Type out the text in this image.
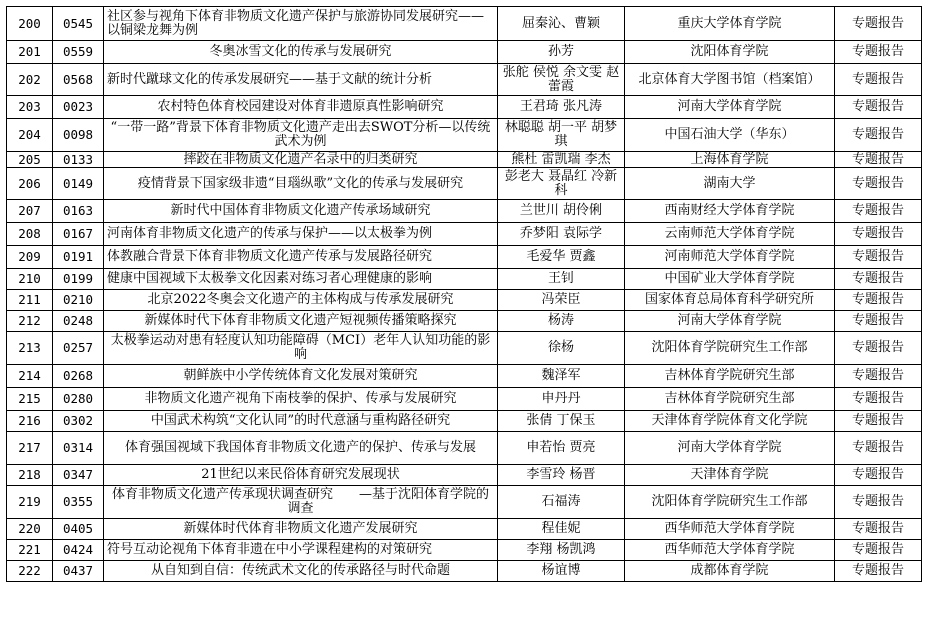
200	0545	社区参与视角下体育非物质文化遗产保护与旅游协同发展研究——以铜梁龙舞为例	屈秦沁、曹颖	重庆大学体育学院	专题报告
201	0559	冬奥冰雪文化的传承与发展研究	孙芳	沈阳体育学院	专题报告
202	0568	新时代蹴球文化的传承发展研究——基于文献的统计分析	张舵 侯悦 余文雯 赵蕾霞	北京体育大学图书馆（档案馆）	专题报告
203	0023	农村特色体育校园建设对体育非遗原真性影响研究	王君琦 张凡涛	河南大学体育学院	专题报告
204	0098	“一带一路”背景下体育非物质文化遗产走出去SWOT分析—以传统武术为例	林聪聪 胡一平 胡梦琪	中国石油大学（华东）	专题报告
205	0133	摔跤在非物质文化遗产名录中的归类研究	熊杜 雷凯瑞 李杰	上海体育学院	专题报告
206	0149	疫情背景下国家级非遗“目瑙纵歌”文化的传承与发展研究	彭老大 聂晶红 冷新科	湖南大学	专题报告
207	0163	新时代中国体育非物质文化遗产传承场域研究	兰世川 胡伶俐	西南财经大学体育学院	专题报告
208	0167	河南体育非物质文化遗产的传承与保护——以太极拳为例	乔梦阳 袁际学	云南师范大学体育学院	专题报告
209	0191	体教融合背景下体育非物质文化遗产传承与发展路径研究	毛爱华 贾鑫	河南师范大学体育学院	专题报告
210	0199	健康中国视域下太极拳文化因素对练习者心理健康的影响	王钊	中国矿业大学体育学院	专题报告
211	0210	北京2022冬奥会文化遗产的主体构成与传承发展研究	冯荣臣	国家体育总局体育科学研究所	专题报告
212	0248	新媒体时代下体育非物质文化遗产短视频传播策略探究	杨涛	河南大学体育学院	专题报告
213	0257	太极拳运动对患有轻度认知功能障碍（MCI）老年人认知功能的影响	徐杨	沈阳体育学院研究生工作部	专题报告
214	0268	朝鲜族中小学传统体育文化发展对策研究	魏泽军	吉林体育学院研究生部	专题报告
215	0280	非物质文化遗产视角下南枝拳的保护、传承与发展研究	申丹丹	吉林体育学院研究生部	专题报告
216	0302	中国武术构筑“文化认同”的时代意涵与重构路径研究	张倩 丁保玉	天津体育学院体育文化学院	专题报告
217	0314	体育强国视域下我国体育非物质文化遗产的保护、传承与发展	申若怡 贾亮	河南大学体育学院	专题报告
218	0347	21世纪以来民俗体育研究发展现状	李雪玲 杨晋	天津体育学院	专题报告
219	0355	体育非物质文化遗产传承现状调查研究　　—基于沈阳体育学院的调查	石福涛	沈阳体育学院研究生工作部	专题报告
220	0405	新媒体时代体育非物质文化遗产发展研究	程佳妮	西华师范大学体育学院	专题报告
221	0424	符号互动论视角下体育非遗在中小学课程建构的对策研究	李翔 杨凯鸿	西华师范大学体育学院	专题报告
222	0437	从自知到自信：传统武术文化的传承路径与时代命题	杨谊博	成都体育学院	专题报告
